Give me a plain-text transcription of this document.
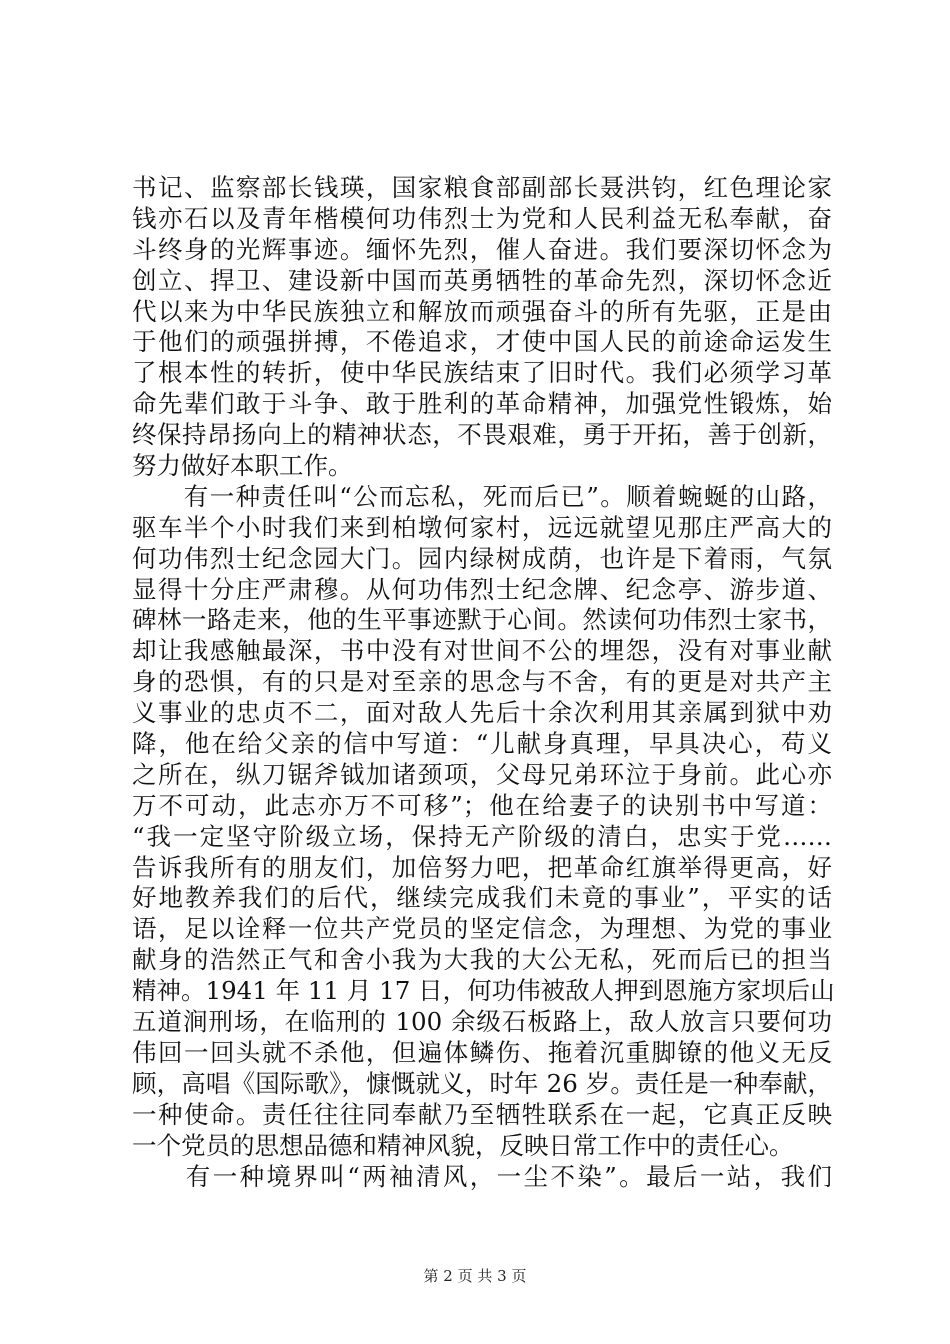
书记、监察部长钱瑛，国家粮食部副部长聂洪钧，红色理论家
钱亦石以及青年楷模何功伟烈士为党和人民利益无私奉献，奋
斗终身的光辉事迹。缅怀先烈，催人奋进。我们要深切怀念为
创立、捍卫、建设新中国而英勇牺牲的革命先烈，深切怀念近
代以来为中华民族独立和解放而顽强奋斗的所有先驱，正是由
于他们的顽强拼搏，不倦追求，才使中国人民的前途命运发生
了根本性的转折，使中华民族结束了旧时代。我们必须学习革
命先辈们敢于斗争、敢于胜利的革命精神，加强党性锻炼，始
终保持昂扬向上的精神状态，不畏艰难，勇于开拓，善于创新，
努力做好本职工作。
　　有一种责任叫“公而忘私，死而后已”。顺着蜿蜒的山路，
驱车半个小时我们来到柏墩何家村，远远就望见那庄严高大的
何功伟烈士纪念园大门。园内绿树成荫，也许是下着雨，气氛
显得十分庄严肃穆。从何功伟烈士纪念牌、纪念亭、游步道、
碑林一路走来，他的生平事迹默于心间。然读何功伟烈士家书，
却让我感触最深，书中没有对世间不公的埋怨，没有对事业献
身的恐惧，有的只是对至亲的思念与不舍，有的更是对共产主
义事业的忠贞不二，面对敌人先后十余次利用其亲属到狱中劝
降，他在给父亲的信中写道：“儿献身真理，早具决心，苟义
之所在，纵刀锯斧钺加诸颈项，父母兄弟环泣于身前。此心亦
万不可动，此志亦万不可移”；他在给妻子的诀别书中写道：
“我一定坚守阶级立场，保持无产阶级的清白，忠实于党……
告诉我所有的朋友们，加倍努力吧，把革命红旗举得更高，好
好地教养我们的后代，继续完成我们未竟的事业”，平实的话
语，足以诠释一位共产党员的坚定信念，为理想、为党的事业
献身的浩然正气和舍小我为大我的大公无私，死而后已的担当
精神。1941 年 11 月 17 日，何功伟被敌人押到恩施方家坝后山
五道涧刑场，在临刑的 100 余级石板路上，敌人放言只要何功
伟回一回头就不杀他，但遍体鳞伤、拖着沉重脚镣的他义无反
顾，高唱《国际歌》，慷慨就义，时年 26 岁。责任是一种奉献，
一种使命。责任往往同奉献乃至牺牲联系在一起，它真正反映
一个党员的思想品德和精神风貌，反映日常工作中的责任心。
　　有一种境界叫“两袖清风，一尘不染”。最后一站，我们
第 2 页 共 3 页
